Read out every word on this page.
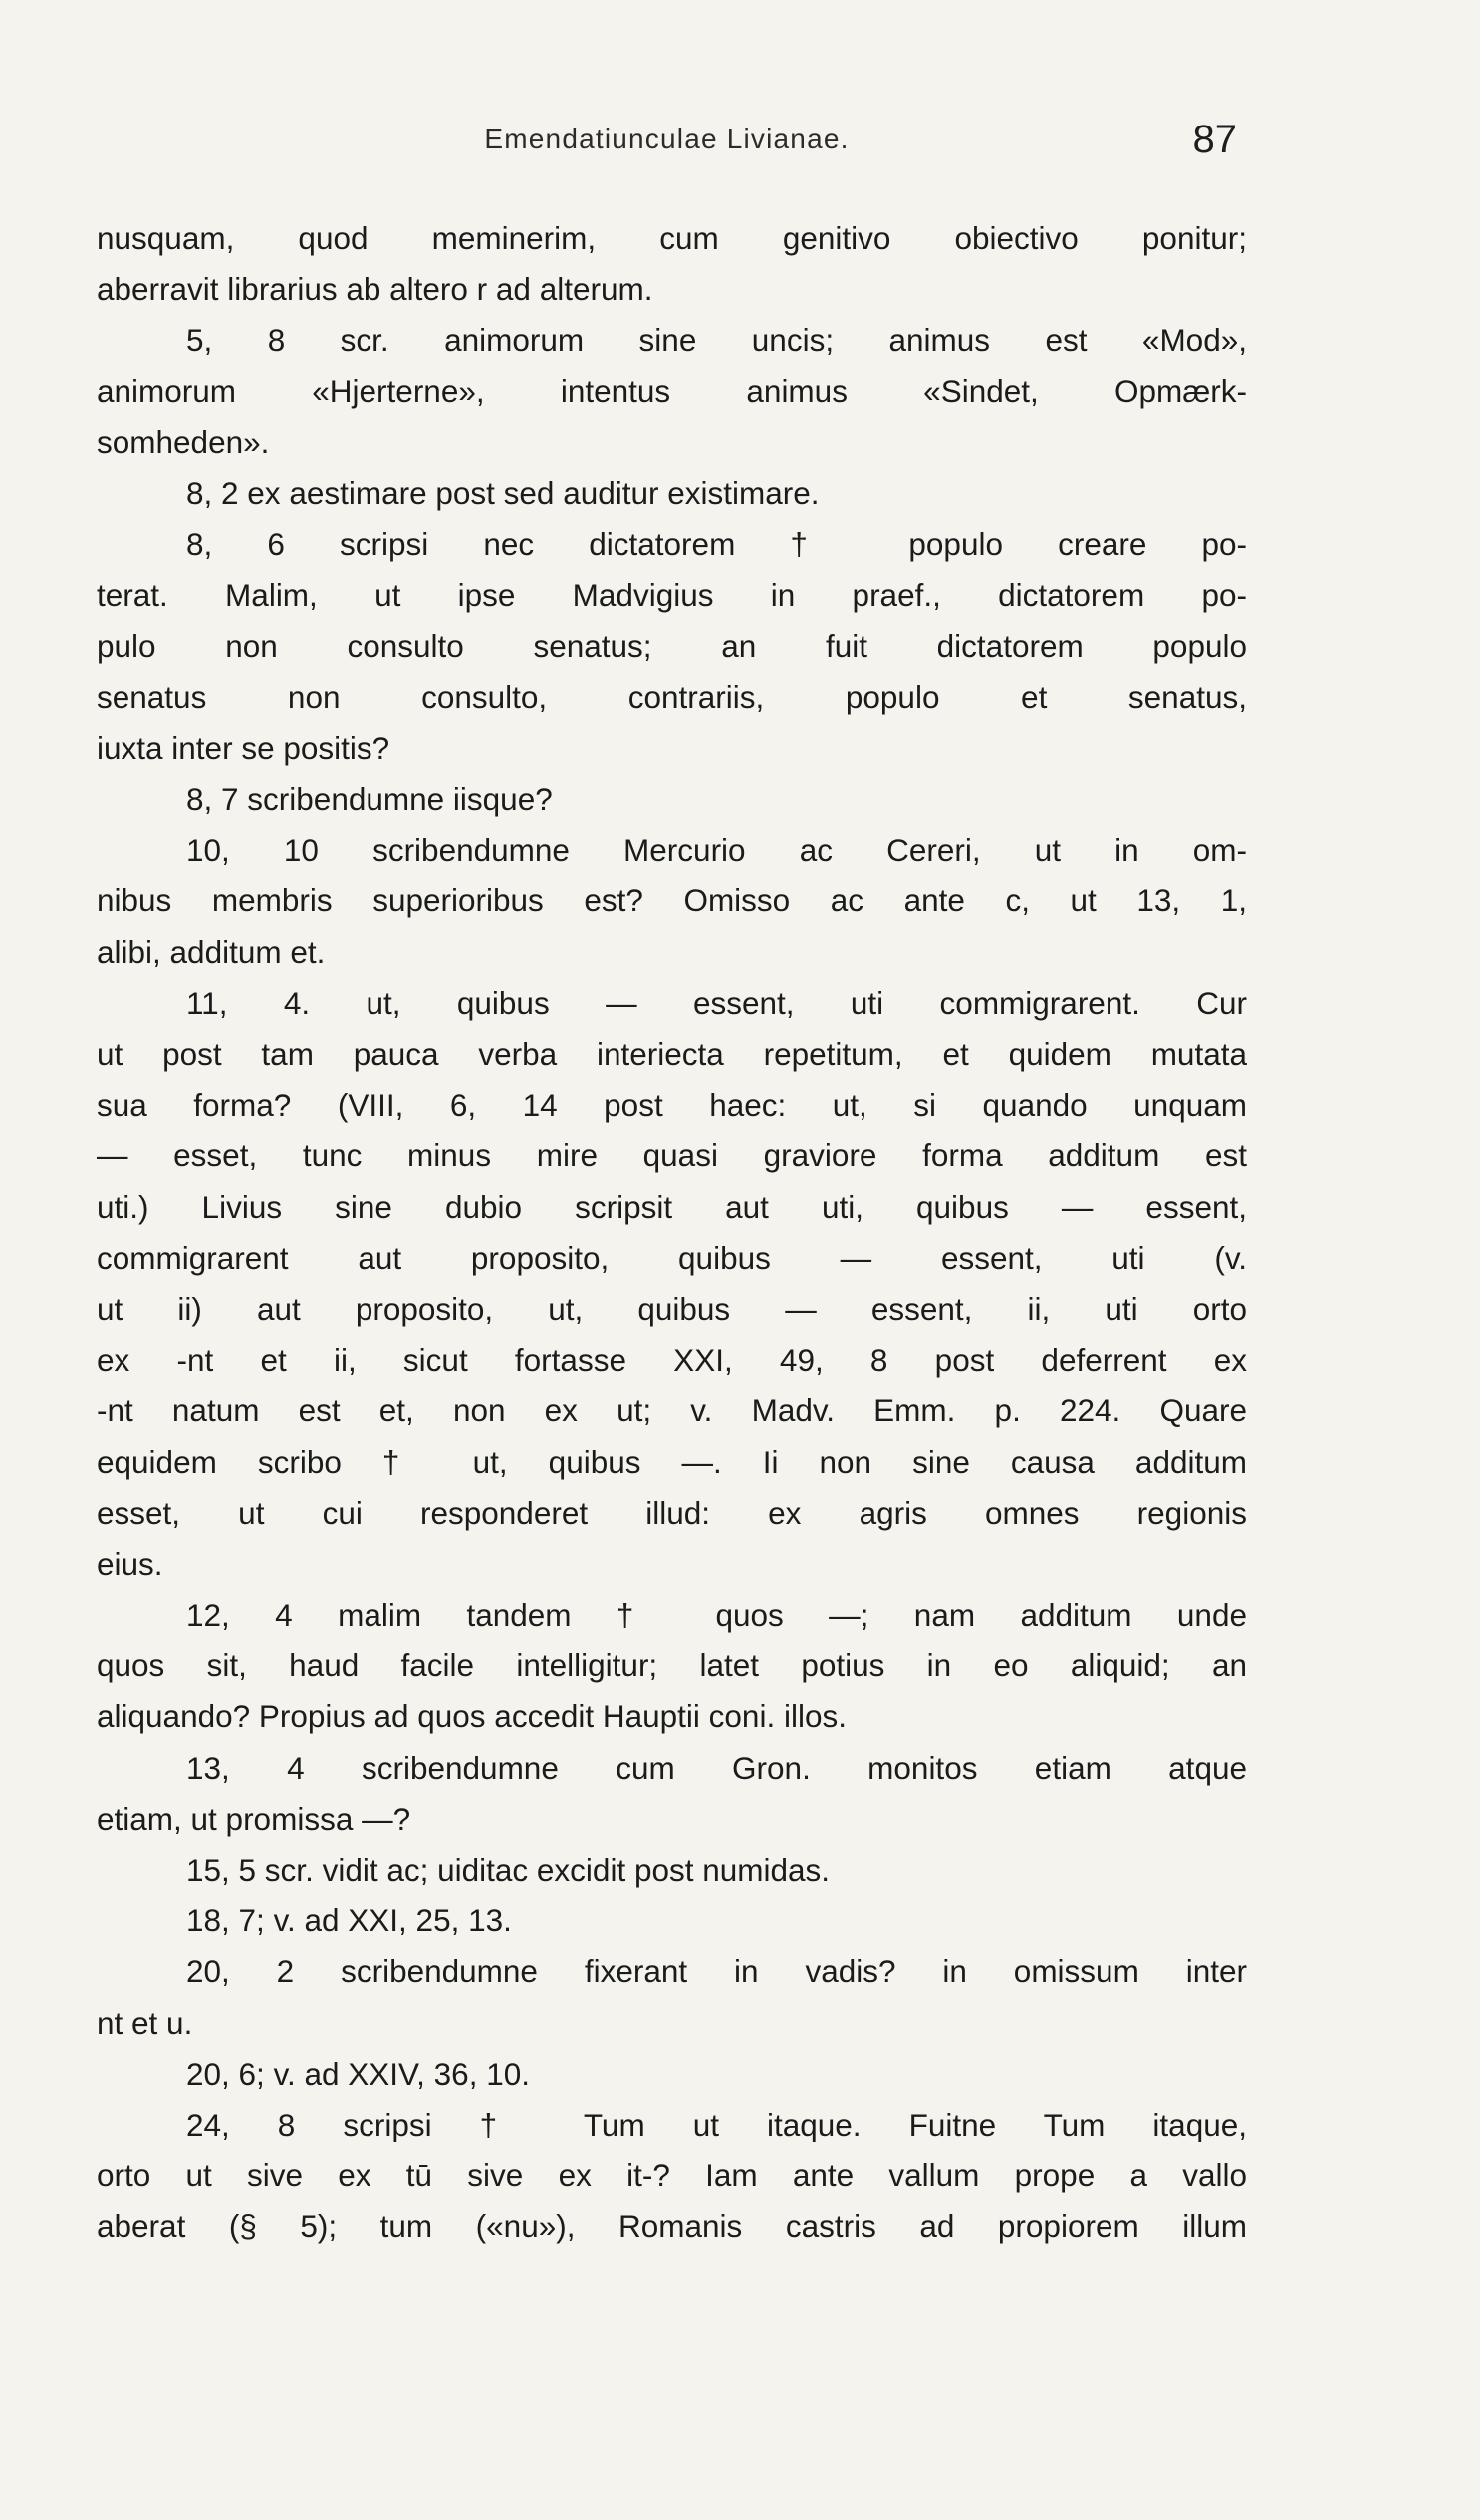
Emendatiunculae Livianae.	87
nusquam, quod meminerim, cum genitivo obiectivo ponitur;
aberravit librarius ab altero r ad alterum.
5, 8 scr. animorum sine uncis; animus est «Mod»,
animorum «Hjerterne», intentus animus «Sindet, Opmærk-
somheden».
8, 2 ex aestimare post sed auditur existimare.
8, 6 scripsi nec dictatorem † populo creare po-
terat. Malim, ut ipse Madvigius in praef., dictatorem po-
pulo non consulto senatus; an fuit dictatorem populo
senatus non consulto, contrariis, populo et senatus,
iuxta inter se positis?
8, 7 scribendumne iisque?
10, 10 scribendumne Mercurio ac Cereri, ut in om-
nibus membris superioribus est? Omisso ac ante c, ut 13, 1,
alibi, additum et.
11, 4. ut, quibus — essent, uti commigrarent. Cur
ut post tam pauca verba interiecta repetitum, et quidem mutata
sua forma? (VIII, 6, 14 post haec: ut, si quando unquam
— esset, tunc minus mire quasi graviore forma additum est
uti.) Livius sine dubio scripsit aut uti, quibus — essent,
commigrarent aut proposito, quibus — essent, uti (v.
ut ii) aut proposito, ut, quibus — essent, ii, uti orto
ex -nt et ii, sicut fortasse XXI, 49, 8 post deferrent ex
-nt natum est et, non ex ut; v. Madv. Emm. p. 224. Quare
equidem scribo † ut, quibus —. Ii non sine causa additum
esset, ut cui responderet illud: ex agris omnes regionis
eius.
12, 4 malim tandem † quos —; nam additum unde
quos sit, haud facile intelligitur; latet potius in eo aliquid; an
aliquando? Propius ad quos accedit Hauptii coni. illos.
13, 4 scribendumne cum Gron. monitos etiam atque
etiam, ut promissa —?
15, 5 scr. vidit ac; uiditac excidit post numidas.
18, 7; v. ad XXI, 25, 13.
20, 2 scribendumne fixerant in vadis? in omissum inter
nt et u.
20, 6; v. ad XXIV, 36, 10.
24, 8 scripsi † Tum ut itaque. Fuitne Tum itaque,
orto ut sive ex tū sive ex it-? Iam ante vallum prope a vallo
aberat (§ 5); tum («nu»), Romanis castris ad propiorem illum
